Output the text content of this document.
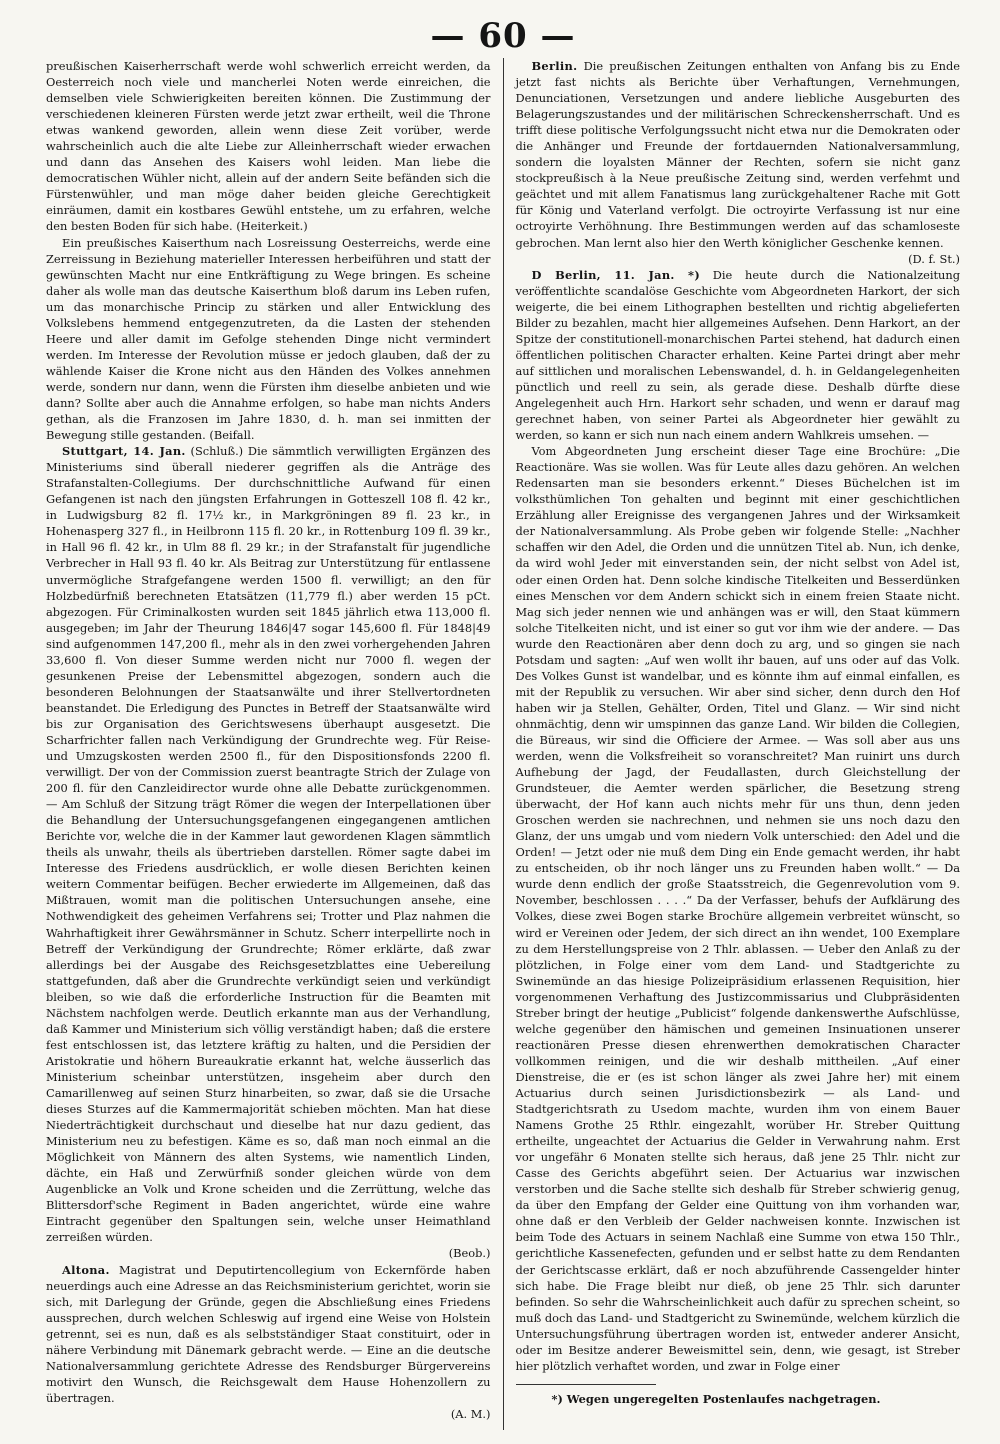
— 60 —

preußischen Kaiserherrschaft werde wohl schwerlich erreicht werden, da Oesterreich noch viele und mancherlei Noten werde einreichen, die demselben viele Schwierigkeiten bereiten können. Die Zustimmung der verschiedenen kleineren Fürsten werde jetzt zwar ertheilt, weil die Throne etwas wankend geworden, allein wenn diese Zeit vorüber, werde wahrscheinlich auch die alte Liebe zur Alleinherrschaft wieder erwachen und dann das Ansehen des Kaisers wohl leiden. Man liebe die democratischen Wühler nicht, allein auf der andern Seite befänden sich die Fürstenwühler, und man möge daher beiden gleiche Gerechtigkeit einräumen, damit ein kostbares Gewühl entstehe, um zu erfahren, welche den besten Boden für sich habe. (Heiterkeit.)

Ein preußisches Kaiserthum nach Losreissung Oesterreichs, werde eine Zerreissung in Beziehung materieller Interessen herbeiführen und statt der gewünschten Macht nur eine Entkräftigung zu Wege bringen. Es scheine daher als wolle man das deutsche Kaiserthum bloß darum ins Leben rufen, um das monarchische Princip zu stärken und aller Entwicklung des Volkslebens hemmend entgegenzutreten, da die Lasten der stehenden Heere und aller damit im Gefolge stehenden Dinge nicht vermindert werden. Im Interesse der Revolution müsse er jedoch glauben, daß der zu wählende Kaiser die Krone nicht aus den Händen des Volkes annehmen werde, sondern nur dann, wenn die Fürsten ihm dieselbe anbieten und wie dann? Sollte aber auch die Annahme erfolgen, so habe man nichts Anders gethan, als die Franzosen im Jahre 1830, d. h. man sei inmitten der Bewegung stille gestanden. (Beifall.

Stuttgart, 14. Jan. (Schluß.) Die sämmtlich verwilligten Ergänzen des Ministeriums sind überall niederer gegriffen als die Anträge des Strafanstalten-Collegiums. Der durchschnittliche Aufwand für einen Gefangenen ist nach den jüngsten Erfahrungen in Gotteszell 108 fl. 42 kr., in Ludwigsburg 82 fl. 17½ kr., in Markgröningen 89 fl. 23 kr., in Hohenasperg 327 fl., in Heilbronn 115 fl. 20 kr., in Rottenburg 109 fl. 39 kr., in Hall 96 fl. 42 kr., in Ulm 88 fl. 29 kr.; in der Strafanstalt für jugendliche Verbrecher in Hall 93 fl. 40 kr. Als Beitrag zur Unterstützung für entlassene unvermögliche Strafgefangene werden 1500 fl. verwilligt; an den für Holzbedürfniß berechneten Etatsätzen (11,779 fl.) aber werden 15 pCt. abgezogen. Für Criminalkosten wurden seit 1845 jährlich etwa 113,000 fl. ausgegeben; im Jahr der Theurung 1846|47 sogar 145,600 fl. Für 1848|49 sind aufgenommen 147,200 fl., mehr als in den zwei vorhergehenden Jahren 33,600 fl. Von dieser Summe werden nicht nur 7000 fl. wegen der gesunkenen Preise der Lebensmittel abgezogen, sondern auch die besonderen Belohnungen der Staatsanwälte und ihrer Stellvertordneten beanstandet. Die Erledigung des Punctes in Betreff der Staatsanwälte wird bis zur Organisation des Gerichtswesens überhaupt ausgesetzt. Die Scharfrichter fallen nach Verkündigung der Grundrechte weg. Für Reise- und Umzugskosten werden 2500 fl., für den Dispositionsfonds 2200 fl. verwilligt. Der von der Commission zuerst beantragte Strich der Zulage von 200 fl. für den Canzleidirector wurde ohne alle Debatte zurückgenommen. — Am Schluß der Sitzung trägt Römer die wegen der Interpellationen über die Behandlung der Untersuchungsgefangenen eingegangenen amtlichen Berichte vor, welche die in der Kammer laut gewordenen Klagen sämmtlich theils als unwahr, theils als übertrieben darstellen. Römer sagte dabei im Interesse des Friedens ausdrücklich, er wolle diesen Berichten keinen weitern Commentar beifügen. Becher erwiederte im Allgemeinen, daß das Mißtrauen, womit man die politischen Untersuchungen ansehe, eine Nothwendigkeit des geheimen Verfahrens sei; Trotter und Plaz nahmen die Wahrhaftigkeit ihrer Gewährsmänner in Schutz. Scherr interpellirte noch in Betreff der Verkündigung der Grundrechte; Römer erklärte, daß zwar allerdings bei der Ausgabe des Reichsgesetzblattes eine Uebereilung stattgefunden, daß aber die Grundrechte verkündigt seien und verkündigt bleiben, so wie daß die erforderliche Instruction für die Beamten mit Nächstem nachfolgen werde. Deutlich erkannte man aus der Verhandlung, daß Kammer und Ministerium sich völlig verständigt haben; daß die erstere fest entschlossen ist, das letztere kräftig zu halten, und die Persidien der Aristokratie und höhern Bureaukratie erkannt hat, welche äusserlich das Ministerium scheinbar unterstützen, insgeheim aber durch den Camarillenweg auf seinen Sturz hinarbeiten, so zwar, daß sie die Ursache dieses Sturzes auf die Kammermajorität schieben möchten. Man hat diese Niederträchtigkeit durchschaut und dieselbe hat nur dazu gedient, das Ministerium neu zu befestigen. Käme es so, daß man noch einmal an die Möglichkeit von Männern des alten Systems, wie namentlich Linden, dächte, ein Haß und Zerwürfniß sonder gleichen würde von dem Augenblicke an Volk und Krone scheiden und die Zerrüttung, welche das Blittersdorf'sche Regiment in Baden angerichtet, würde eine wahre Eintracht gegenüber den Spaltungen sein, welche unser Heimathland zerreißen würden.
(Beob.)

Altona. Magistrat und Deputirtencollegium von Eckernförde haben neuerdings auch eine Adresse an das Reichsministerium gerichtet, worin sie sich, mit Darlegung der Gründe, gegen die Abschließung eines Friedens aussprechen, durch welchen Schleswig auf irgend eine Weise von Holstein getrennt, sei es nun, daß es als selbstständiger Staat constituirt, oder in nähere Verbindung mit Dänemark gebracht werde. — Eine an die deutsche Nationalversammlung gerichtete Adresse des Rendsburger Bürgervereins motivirt den Wunsch, die Reichsgewalt dem Hause Hohenzollern zu übertragen.
(A. M.)

Berlin. Die preußischen Zeitungen enthalten von Anfang bis zu Ende jetzt fast nichts als Berichte über Verhaftungen, Vernehmungen, Denunciationen, Versetzungen und andere liebliche Ausgeburten des Belagerungszustandes und der militärischen Schreckensherrschaft. Und es trifft diese politische Verfolgungssucht nicht etwa nur die Demokraten oder die Anhänger und Freunde der fortdauernden Nationalversammlung, sondern die loyalsten Männer der Rechten, sofern sie nicht ganz stockpreußisch à la Neue preußische Zeitung sind, werden verfehmt und geächtet und mit allem Fanatismus lang zurückgehaltener Rache mit Gott für König und Vaterland verfolgt. Die octroyirte Verfassung ist nur eine octroyirte Verhöhnung. Ihre Bestimmungen werden auf das schamloseste gebrochen. Man lernt also hier den Werth königlicher Geschenke kennen.
(D. f. St.)

D Berlin, 11. Jan. *) Die heute durch die Nationalzeitung veröffentlichte scandalöse Geschichte vom Abgeordneten Harkort, der sich weigerte, die bei einem Lithographen bestellten und richtig abgelieferten Bilder zu bezahlen, macht hier allgemeines Aufsehen. Denn Harkort, an der Spitze der constitutionell-monarchischen Partei stehend, hat dadurch einen öffentlichen politischen Character erhalten. Keine Partei dringt aber mehr auf sittlichen und moralischen Lebenswandel, d. h. in Geldangelegenheiten pünctlich und reell zu sein, als gerade diese. Deshalb dürfte diese Angelegenheit auch Hrn. Harkort sehr schaden, und wenn er darauf mag gerechnet haben, von seiner Partei als Abgeordneter hier gewählt zu werden, so kann er sich nun nach einem andern Wahlkreis umsehen. —

Vom Abgeordneten Jung erscheint dieser Tage eine Brochüre: „Die Reactionäre. Was sie wollen. Was für Leute alles dazu gehören. An welchen Redensarten man sie besonders erkennt.“ Dieses Büchelchen ist im volksthümlichen Ton gehalten und beginnt mit einer geschichtlichen Erzählung aller Ereignisse des vergangenen Jahres und der Wirksamkeit der Nationalversammlung. Als Probe geben wir folgende Stelle: „Nachher schaffen wir den Adel, die Orden und die unnützen Titel ab. Nun, ich denke, da wird wohl Jeder mit einverstanden sein, der nicht selbst von Adel ist, oder einen Orden hat. Denn solche kindische Titelkeiten und Besserdünken eines Menschen vor dem Andern schickt sich in einem freien Staate nicht. Mag sich jeder nennen wie und anhängen was er will, den Staat kümmern solche Titelkeiten nicht, und ist einer so gut vor ihm wie der andere. — Das wurde den Reactionären aber denn doch zu arg, und so gingen sie nach Potsdam und sagten: „Auf wen wollt ihr bauen, auf uns oder auf das Volk. Des Volkes Gunst ist wandelbar, und es könnte ihm auf einmal einfallen, es mit der Republik zu versuchen. Wir aber sind sicher, denn durch den Hof haben wir ja Stellen, Gehälter, Orden, Titel und Glanz. — Wir sind nicht ohnmächtig, denn wir umspinnen das ganze Land. Wir bilden die Collegien, die Büreaus, wir sind die Officiere der Armee. — Was soll aber aus uns werden, wenn die Volksfreiheit so voranschreitet? Man ruinirt uns durch Aufhebung der Jagd, der Feudallasten, durch Gleichstellung der Grundsteuer, die Aemter werden spärlicher, die Besetzung streng überwacht, der Hof kann auch nichts mehr für uns thun, denn jeden Groschen werden sie nachrechnen, und nehmen sie uns noch dazu den Glanz, der uns umgab und vom niedern Volk unterschied: den Adel und die Orden! — Jetzt oder nie muß dem Ding ein Ende gemacht werden, ihr habt zu entscheiden, ob ihr noch länger uns zu Freunden haben wollt.“ — Da wurde denn endlich der große Staatsstreich, die Gegenrevolution vom 9. November, beschlossen . . . .“ Da der Verfasser, behufs der Aufklärung des Volkes, diese zwei Bogen starke Brochüre allgemein verbreitet wünscht, so wird er Vereinen oder Jedem, der sich direct an ihn wendet, 100 Exemplare zu dem Herstellungspreise von 2 Thlr. ablassen. — Ueber den Anlaß zu der plötzlichen, in Folge einer vom dem Land- und Stadtgerichte zu Swinemünde an das hiesige Polizeipräsidium erlassenen Requisition, hier vorgenommenen Verhaftung des Justizcommissarius und Clubpräsidenten Streber bringt der heutige „Publicist“ folgende dankenswerthe Aufschlüsse, welche gegenüber den hämischen und gemeinen Insinuationen unserer reactionären Presse diesen ehrenwerthen demokratischen Character vollkommen reinigen, und die wir deshalb mittheilen. „Auf einer Dienstreise, die er (es ist schon länger als zwei Jahre her) mit einem Actuarius durch seinen Jurisdictionsbezirk — als Land- und Stadtgerichtsrath zu Usedom machte, wurden ihm von einem Bauer Namens Grothe 25 Rthlr. eingezahlt, worüber Hr. Streber Quittung ertheilte, ungeachtet der Actuarius die Gelder in Verwahrung nahm. Erst vor ungefähr 6 Monaten stellte sich heraus, daß jene 25 Thlr. nicht zur Casse des Gerichts abgeführt seien. Der Actuarius war inzwischen verstorben und die Sache stellte sich deshalb für Streber schwierig genug, da über den Empfang der Gelder eine Quittung von ihm vorhanden war, ohne daß er den Verbleib der Gelder nachweisen konnte. Inzwischen ist beim Tode des Actuars in seinem Nachlaß eine Summe von etwa 150 Thlr., gerichtliche Kassenefecten, gefunden und er selbst hatte zu dem Rendanten der Gerichtscasse erklärt, daß er noch abzuführende Cassengelder hinter sich habe. Die Frage bleibt nur dieß, ob jene 25 Thlr. sich darunter befinden. So sehr die Wahrscheinlichkeit auch dafür zu sprechen scheint, so muß doch das Land- und Stadtgericht zu Swinemünde, welchem kürzlich die Untersuchungsführung übertragen worden ist, entweder anderer Ansicht, oder im Besitze anderer Beweismittel sein, denn, wie gesagt, ist Streber hier plötzlich verhaftet worden, und zwar in Folge einer

*) Wegen ungeregelten Postenlaufes nachgetragen.
